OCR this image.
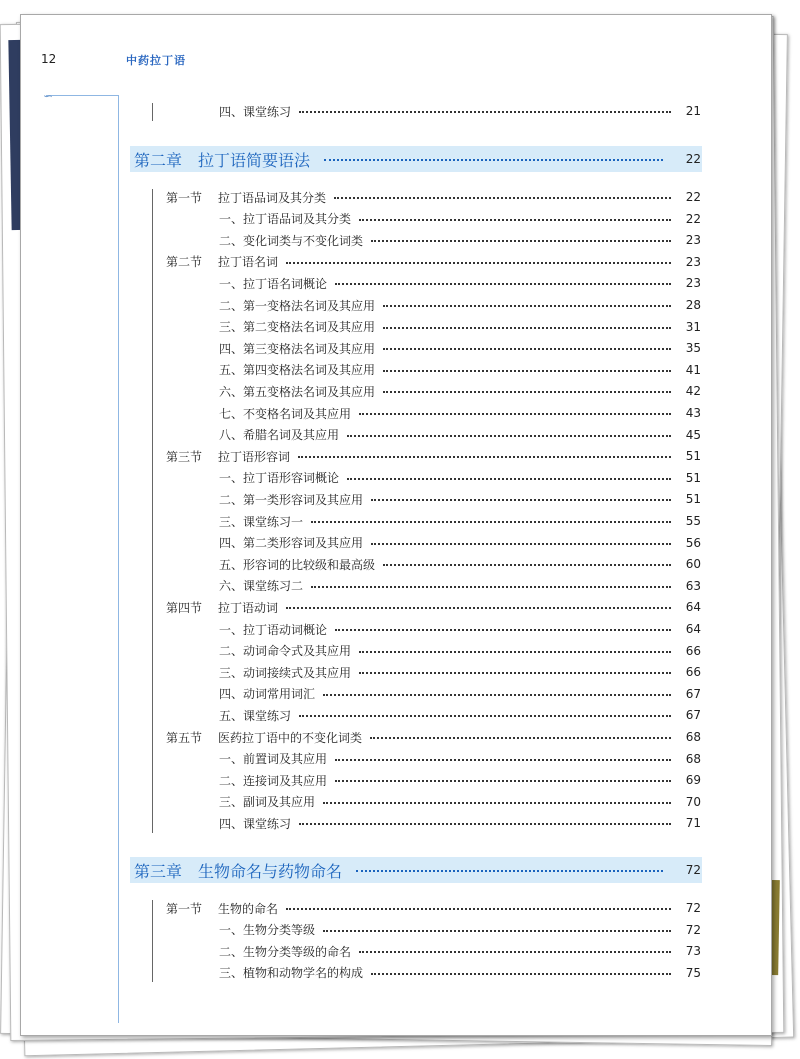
12	中药拉丁语
∽
四、课堂练习	21
第二章 拉丁语简要语法	22
第一节	拉丁语品词及其分类	22
一、拉丁语品词及其分类	22
二、变化词类与不变化词类	23
第二节	拉丁语名词	23
一、拉丁语名词概论	23
二、第一变格法名词及其应用	28
三、第二变格法名词及其应用	31
四、第三变格法名词及其应用	35
五、第四变格法名词及其应用	41
六、第五变格法名词及其应用	42
七、不变格名词及其应用	43
八、希腊名词及其应用	45
第三节	拉丁语形容词	51
一、拉丁语形容词概论	51
二、第一类形容词及其应用	51
三、课堂练习一	55
四、第二类形容词及其应用	56
五、形容词的比较级和最高级	60
六、课堂练习二	63
第四节	拉丁语动词	64
一、拉丁语动词概论	64
二、动词命令式及其应用	66
三、动词接续式及其应用	66
四、动词常用词汇	67
五、课堂练习	67
第五节	医药拉丁语中的不变化词类	68
一、前置词及其应用	68
二、连接词及其应用	69
三、副词及其应用	70
四、课堂练习	71
第三章 生物命名与药物命名	72
第一节	生物的命名	72
一、生物分类等级	72
二、生物分类等级的命名	73
三、植物和动物学名的构成	75
